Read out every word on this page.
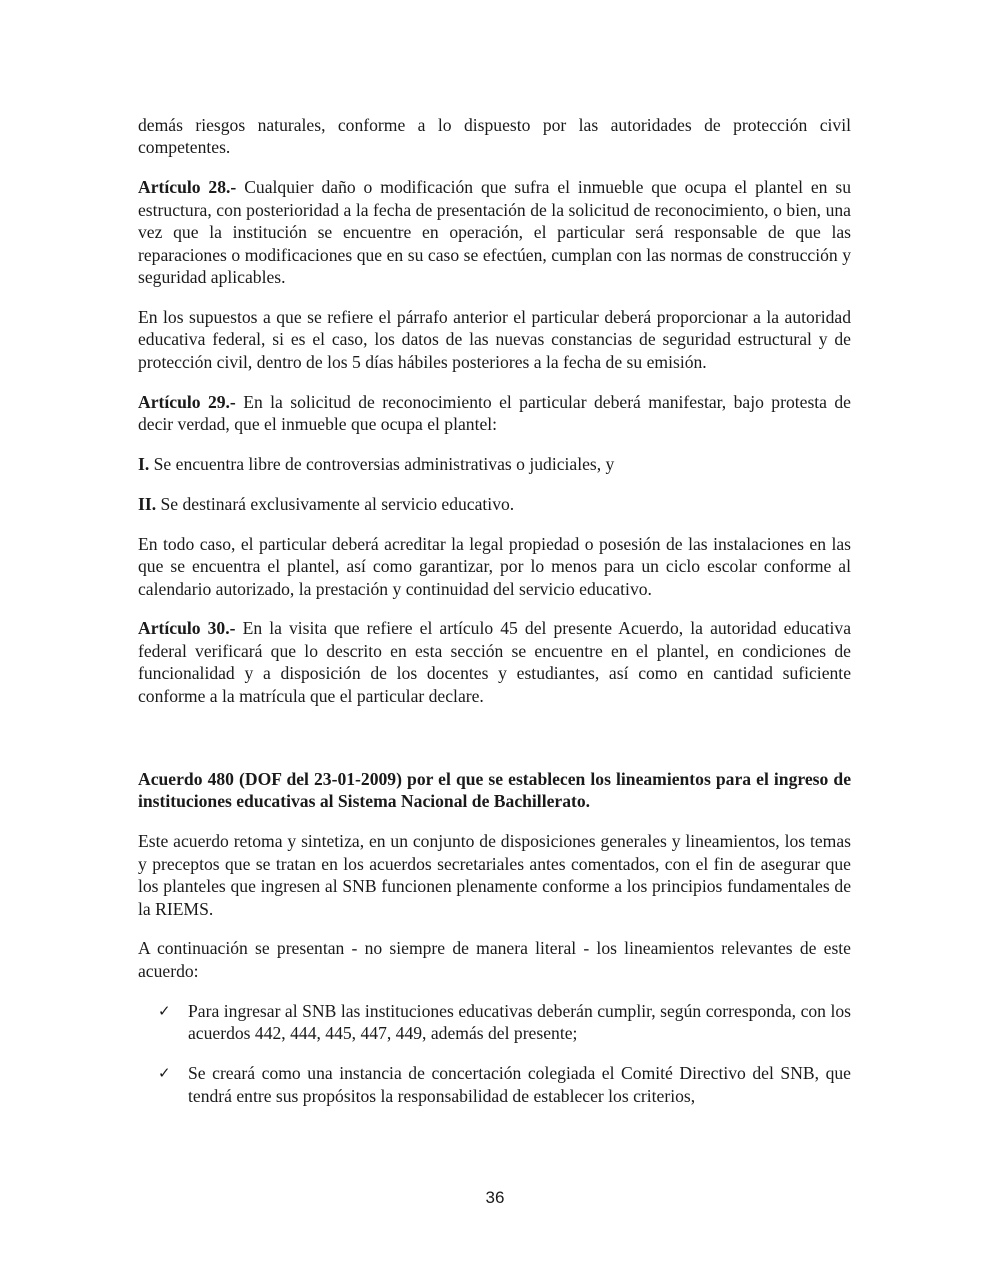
demás riesgos naturales, conforme a lo dispuesto por las autoridades de protección civil competentes.

Artículo 28.- Cualquier daño o modificación que sufra el inmueble que ocupa el plantel en su estructura, con posterioridad a la fecha de presentación de la solicitud de reconocimiento, o bien, una vez que la institución se encuentre en operación, el particular será responsable de que las reparaciones o modificaciones que en su caso se efectúen, cumplan con las normas de construcción y seguridad aplicables.

En los supuestos a que se refiere el párrafo anterior el particular deberá proporcionar a la autoridad educativa federal, si es el caso, los datos de las nuevas constancias de seguridad estructural y de protección civil, dentro de los 5 días hábiles posteriores a la fecha de su emisión.

Artículo 29.- En la solicitud de reconocimiento el particular deberá manifestar, bajo protesta de decir verdad, que el inmueble que ocupa el plantel:

I. Se encuentra libre de controversias administrativas o judiciales, y

II. Se destinará exclusivamente al servicio educativo.

En todo caso, el particular deberá acreditar la legal propiedad o posesión de las instalaciones en las que se encuentra el plantel, así como garantizar, por lo menos para un ciclo escolar conforme al calendario autorizado, la prestación y continuidad del servicio educativo.

Artículo 30.- En la visita que refiere el artículo 45 del presente Acuerdo, la autoridad educativa federal verificará que lo descrito en esta sección se encuentre en el plantel, en condiciones de funcionalidad y a disposición de los docentes y estudiantes, así como en cantidad suficiente conforme a la matrícula que el particular declare.

Acuerdo 480 (DOF del 23-01-2009) por el que se establecen los lineamientos para el ingreso de instituciones educativas al Sistema Nacional de Bachillerato.

Este acuerdo retoma y sintetiza, en un conjunto de disposiciones generales y lineamientos, los temas y preceptos que se tratan en los acuerdos secretariales antes comentados, con el fin de asegurar que los planteles que ingresen al SNB funcionen plenamente conforme a los principios fundamentales de la RIEMS.

A continuación se presentan - no siempre de manera literal - los lineamientos relevantes de este acuerdo:

✓ Para ingresar al SNB las instituciones educativas deberán cumplir, según corresponda, con los acuerdos 442, 444, 445, 447, 449, además del presente;
✓ Se creará como una instancia de concertación colegiada el Comité Directivo del SNB, que tendrá entre sus propósitos la responsabilidad de establecer los criterios,
36
